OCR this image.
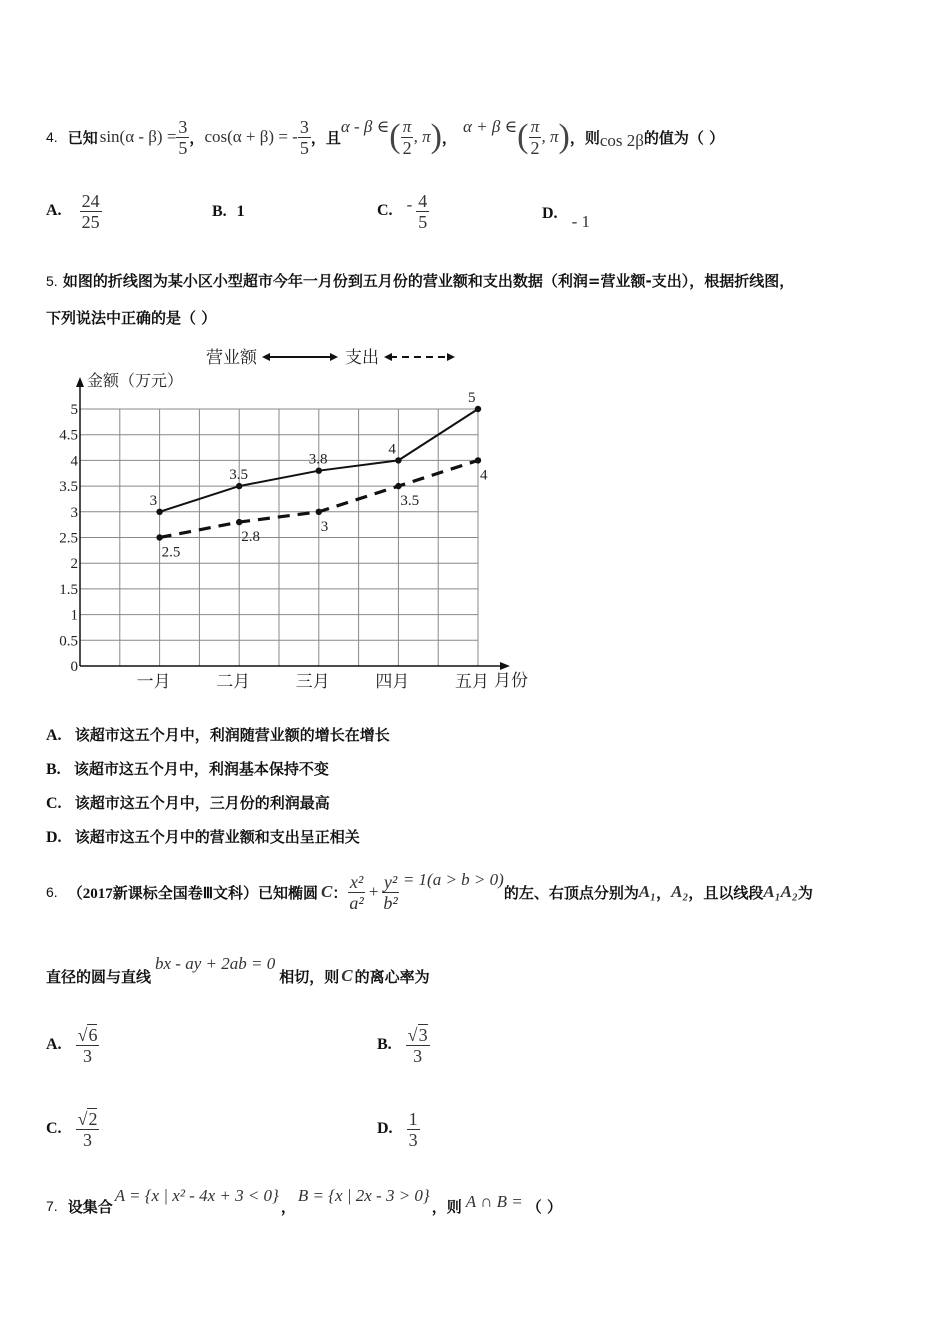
4. 已知 $\sin(\alpha - \beta) = \frac{3}{5}$ ， cos(α + β) = - $\frac{3}{5}$ ，且
α - β ∈ ( $\frac{\pi}{2}$ , π ) ，
α + β ∈ ( $\frac{\pi}{2}$ , π ) ，则 cos 2β 的值为（ ）
A. $\frac{24}{25}$	B. 1	C. - $\frac{4}{5}$	D. - 1
5. 如图的折线图为某小区小型超市今年一月份到五月份的营业额和支出数据（利润=营业额-支出），根据折线图，
下列说法中正确的是（ ）
营业额	支出
金额（万元）
0
0.5
1
1.5
2
2.5
3
3.5
4
4.5
5
一月	二月	三月	四月	五月
3
3.5
3.8
4
5
2.5
2.8
3
3.5
4
月份
A. 该超市这五个月中，利润随营业额的增长在增长
B. 该超市这五个月中，利润基本保持不变
C. 该超市这五个月中，三月份的利润最高
D. 该超市这五个月中的营业额和支出呈正相关
6. （2017新课标全国卷Ⅲ文科） 已知椭圆 C ： $\frac{\text{x²}}{\text{a²}} + \frac{\text{y²}}{\text{b²}} = 1(a > b > 0)$
的左、右顶点分别为 A₁ ， A₂ ，且以线段 A₁A₂ 为
直径的圆与直线
bx - ay + 2ab = 0
相切，则 C 的离心率为
A. $\frac{√6}{3}$	B. $\frac{√3}{3}$
C. $\frac{√2}{3}$	D. $\frac{1}{3}$
7. 设集合
A = {x | x² - 4x + 3 < 0}
，
B = {x | 2x - 3 > 0}
，则 A ∩ B = （ ）
